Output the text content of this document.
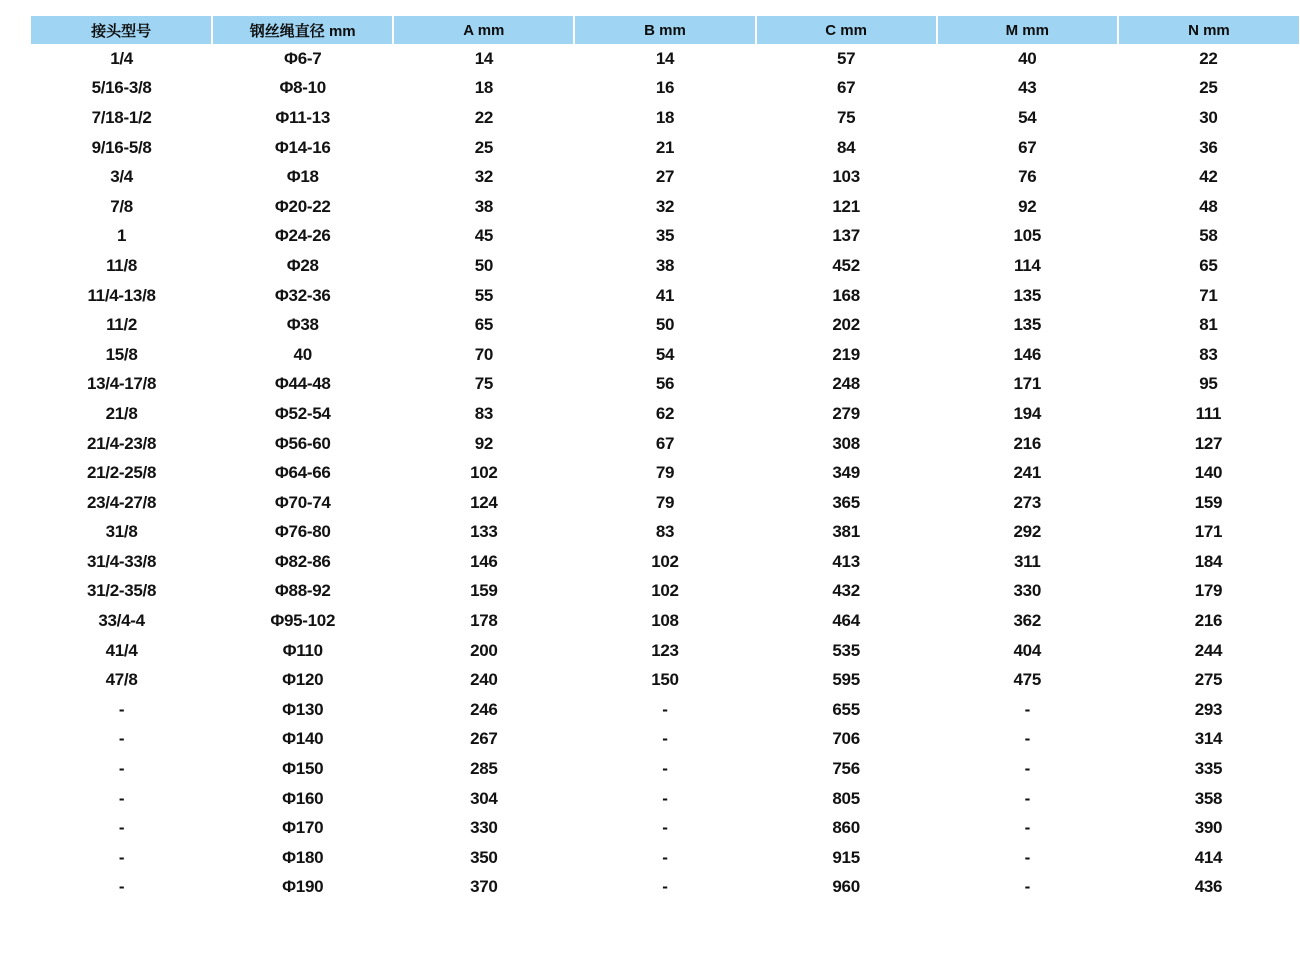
接头型号	钢丝绳直径 mm	A mm	B mm	C mm	M mm	N mm
1/4	Φ6-7	14	14	57	40	22
5/16-3/8	Φ8-10	18	16	67	43	25
7/18-1/2	Φ11-13	22	18	75	54	30
9/16-5/8	Φ14-16	25	21	84	67	36
3/4	Φ18	32	27	103	76	42
7/8	Φ20-22	38	32	121	92	48
1	Φ24-26	45	35	137	105	58
11/8	Φ28	50	38	452	114	65
11/4-13/8	Φ32-36	55	41	168	135	71
11/2	Φ38	65	50	202	135	81
15/8	40	70	54	219	146	83
13/4-17/8	Φ44-48	75	56	248	171	95
21/8	Φ52-54	83	62	279	194	111
21/4-23/8	Φ56-60	92	67	308	216	127
21/2-25/8	Φ64-66	102	79	349	241	140
23/4-27/8	Φ70-74	124	79	365	273	159
31/8	Φ76-80	133	83	381	292	171
31/4-33/8	Φ82-86	146	102	413	311	184
31/2-35/8	Φ88-92	159	102	432	330	179
33/4-4	Φ95-102	178	108	464	362	216
41/4	Φ110	200	123	535	404	244
47/8	Φ120	240	150	595	475	275
-	Φ130	246	-	655	-	293
-	Φ140	267	-	706	-	314
-	Φ150	285	-	756	-	335
-	Φ160	304	-	805	-	358
-	Φ170	330	-	860	-	390
-	Φ180	350	-	915	-	414
-	Φ190	370	-	960	-	436
